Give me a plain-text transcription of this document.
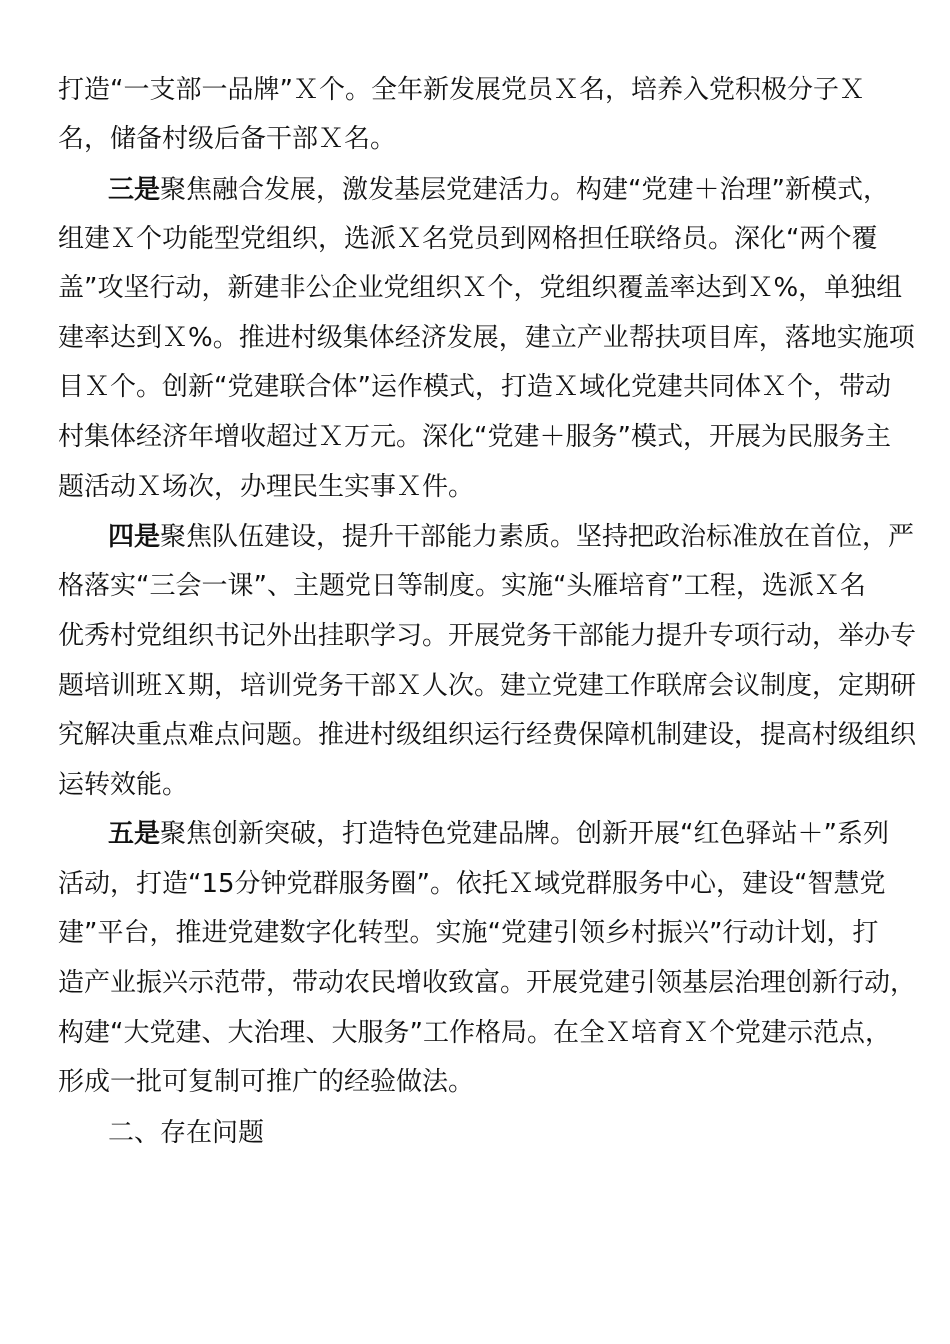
打造“一支部一品牌”Ｘ个。全年新发展党员Ｘ名，培养入党积极分子Ｘ
名，储备村级后备干部Ｘ名。
三是聚焦融合发展，激发基层党建活力。构建“党建＋治理”新模式，
组建Ｘ个功能型党组织，选派Ｘ名党员到网格担任联络员。深化“两个覆
盖”攻坚行动，新建非公企业党组织Ｘ个，党组织覆盖率达到Ｘ%，单独组
建率达到Ｘ%。推进村级集体经济发展，建立产业帮扶项目库，落地实施项
目Ｘ个。创新“党建联合体”运作模式，打造Ｘ域化党建共同体Ｘ个，带动
村集体经济年增收超过Ｘ万元。深化“党建＋服务”模式，开展为民服务主
题活动Ｘ场次，办理民生实事Ｘ件。
四是聚焦队伍建设，提升干部能力素质。坚持把政治标准放在首位，严
格落实“三会一课”、主题党日等制度。实施“头雁培育”工程，选派Ｘ名
优秀村党组织书记外出挂职学习。开展党务干部能力提升专项行动，举办专
题培训班Ｘ期，培训党务干部Ｘ人次。建立党建工作联席会议制度，定期研
究解决重点难点问题。推进村级组织运行经费保障机制建设，提高村级组织
运转效能。
五是聚焦创新突破，打造特色党建品牌。创新开展“红色驿站＋”系列
活动，打造“15分钟党群服务圈”。依托Ｘ域党群服务中心，建设“智慧党
建”平台，推进党建数字化转型。实施“党建引领乡村振兴”行动计划，打
造产业振兴示范带，带动农民增收致富。开展党建引领基层治理创新行动，
构建“大党建、大治理、大服务”工作格局。在全Ｘ培育Ｘ个党建示范点，
形成一批可复制可推广的经验做法。
二、存在问题
